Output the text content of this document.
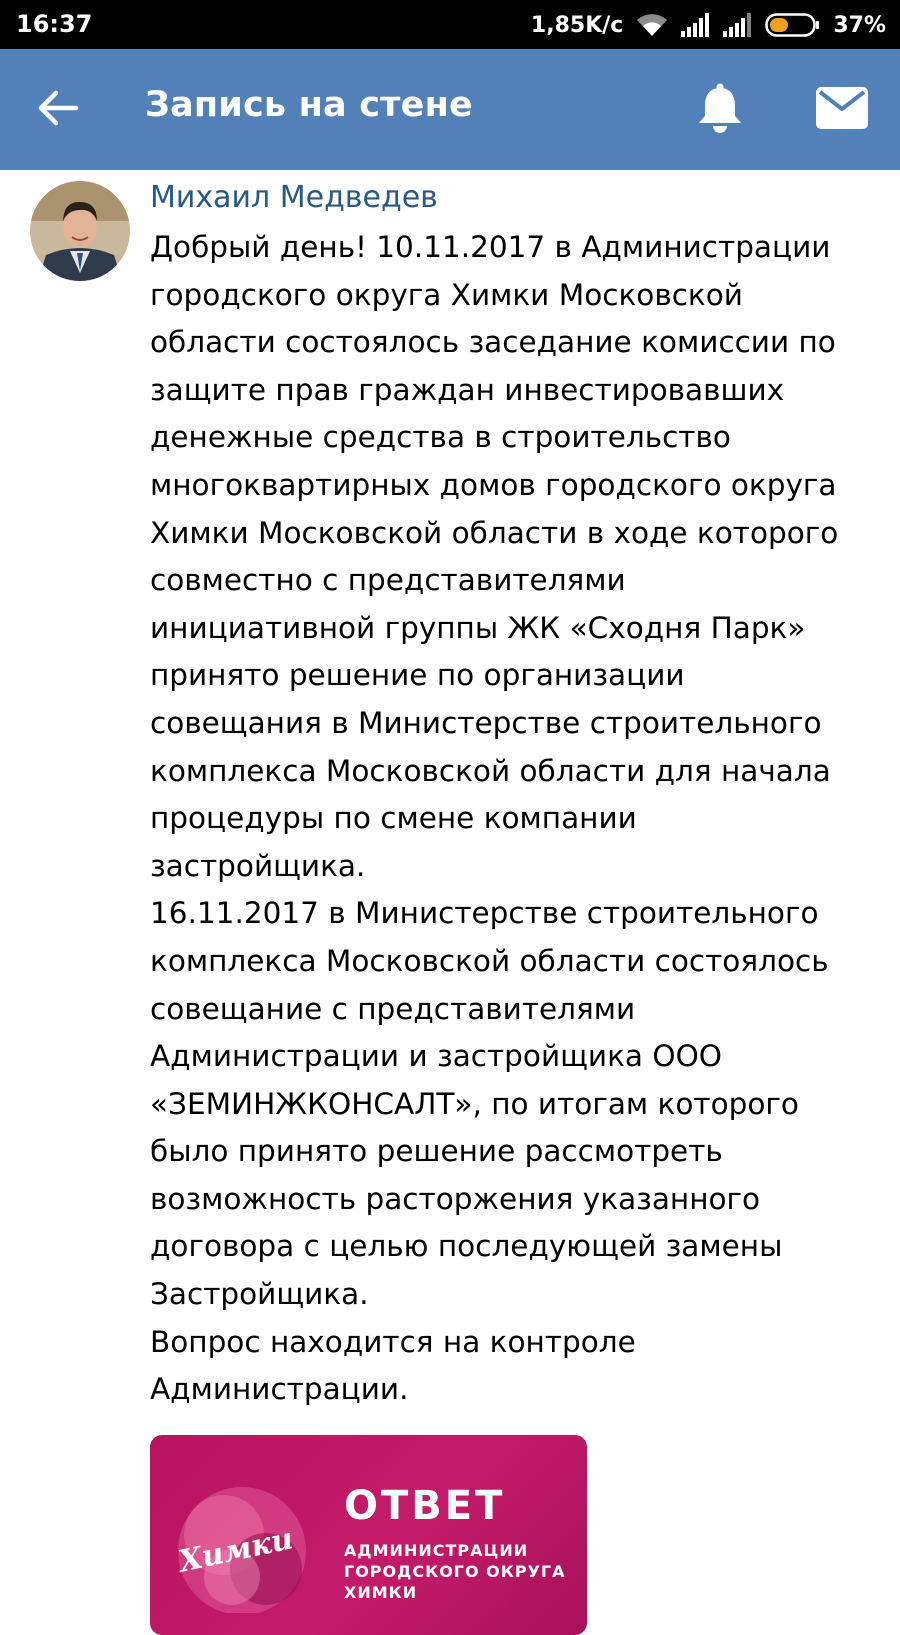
16:37	1,85K/c	37%
Запись на стене
Михаил Медведев
Добрый день! 10.11.2017 в Администрации
городского округа Химки Московской
области состоялось заседание комиссии по
защите прав граждан инвестировавших
денежные средства в строительство
многоквартирных домов городского округа
Химки Московской области в ходе которого
совместно с представителями
инициативной группы ЖК «Сходня Парк»
принято решение по организации
совещания в Министерстве строительного
комплекса Московской области для начала
процедуры по смене компании
застройщика.
16.11.2017 в Министерстве строительного
комплекса Московской области состоялось
совещание с представителями
Администрации и застройщика ООО
«ЗЕМИНЖКОНСАЛТ», по итогам которого
было принято решение рассмотреть
возможность расторжения указанного
договора с целью последующей замены
Застройщика.
Вопрос находится на контроле
Администрации.
Химки
ОТВЕТ
АДМИНИСТРАЦИИ
ГОРОДСКОГО ОКРУГА
ХИМКИ
